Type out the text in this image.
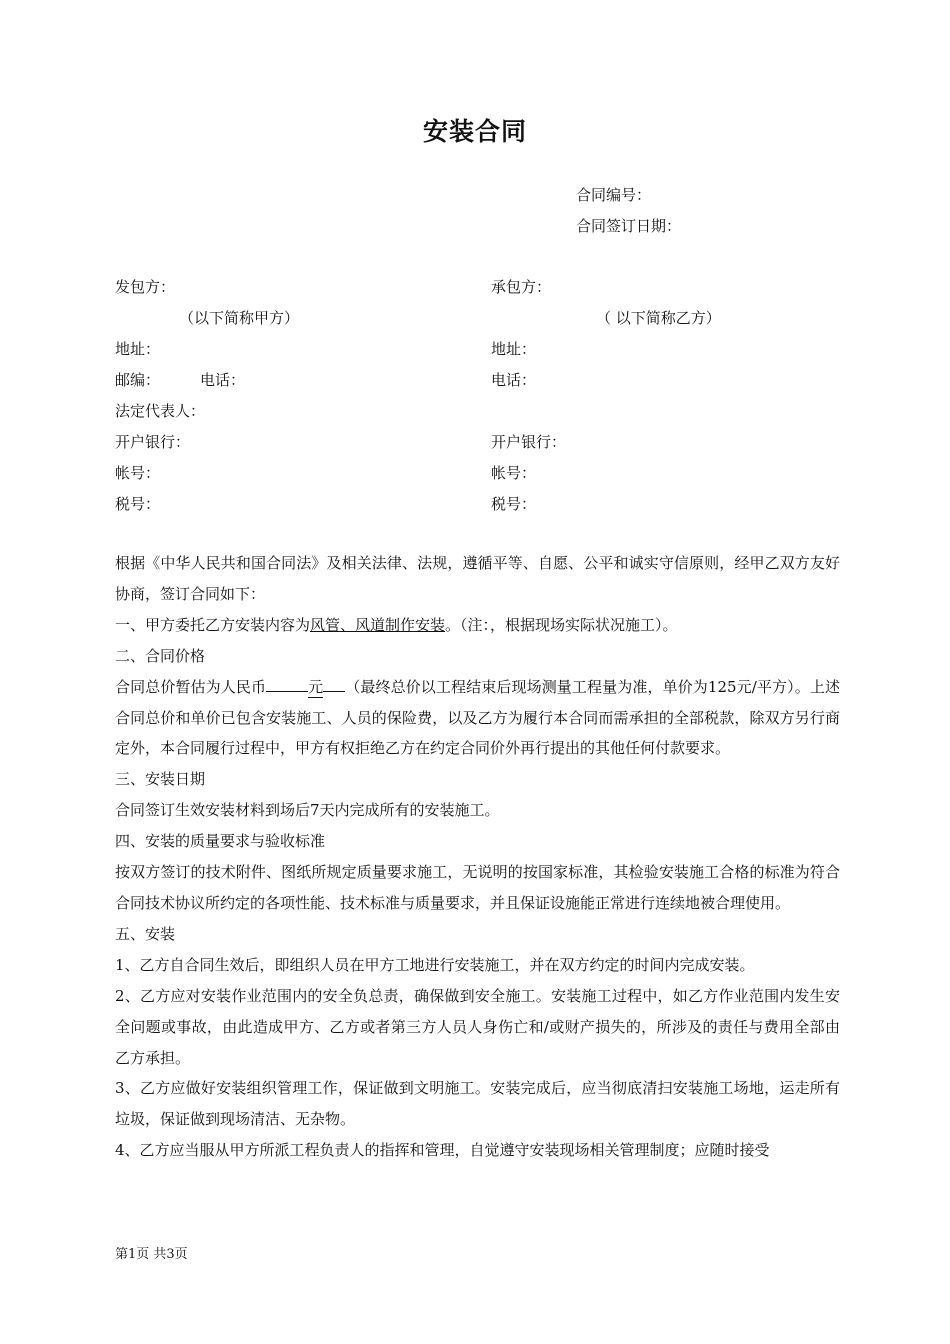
安装合同
合同编号：
合同签订日期：
发包方：
（以下简称甲方）
地址：
邮编：	电话：
法定代表人：
开户银行：
帐号：
税号：
承包方：
（ 以下简称乙方）
地址：
电话：
开户银行：
帐号：
税号：

根据《中华人民共和国合同法》及相关法律、法规，遵循平等、自愿、公平和诚实守信原则，经甲乙双方友好协商，签订合同如下：

一、甲方委托乙方安装内容为风管、风道制作安装。（注：，根据现场实际状况施工）。

二、合同价格

合同总价暂估为人民币	元 （最终总价以工程结束后现场测量工程量为准，单价为125元/平方）。上述合同总价和单价已包含安装施工、人员的保险费，以及乙方为履行本合同而需承担的全部税款，除双方另行商定外，本合同履行过程中，甲方有权拒绝乙方在约定合同价外再行提出的其他任何付款要求。

三、安装日期

合同签订生效安装材料到场后7天内完成所有的安装施工。

四、安装的质量要求与验收标准

按双方签订的技术附件、图纸所规定质量要求施工，无说明的按国家标准，其检验安装施工合格的标准为符合合同技术协议所约定的各项性能、技术标准与质量要求，并且保证设施能正常进行连续地被合理使用。

五、安装

1、乙方自合同生效后，即组织人员在甲方工地进行安装施工，并在双方约定的时间内完成安装。

2、乙方应对安装作业范围内的安全负总责，确保做到安全施工。安装施工过程中，如乙方作业范围内发生安全问题或事故，由此造成甲方、乙方或者第三方人员人身伤亡和/或财产损失的，所涉及的责任与费用全部由乙方承担。

3、乙方应做好安装组织管理工作，保证做到文明施工。安装完成后，应当彻底清扫安装施工场地，运走所有垃圾，保证做到现场清洁、无杂物。

4、乙方应当服从甲方所派工程负责人的指挥和管理，自觉遵守安装现场相关管理制度；应随时接受

第1页 共3页
